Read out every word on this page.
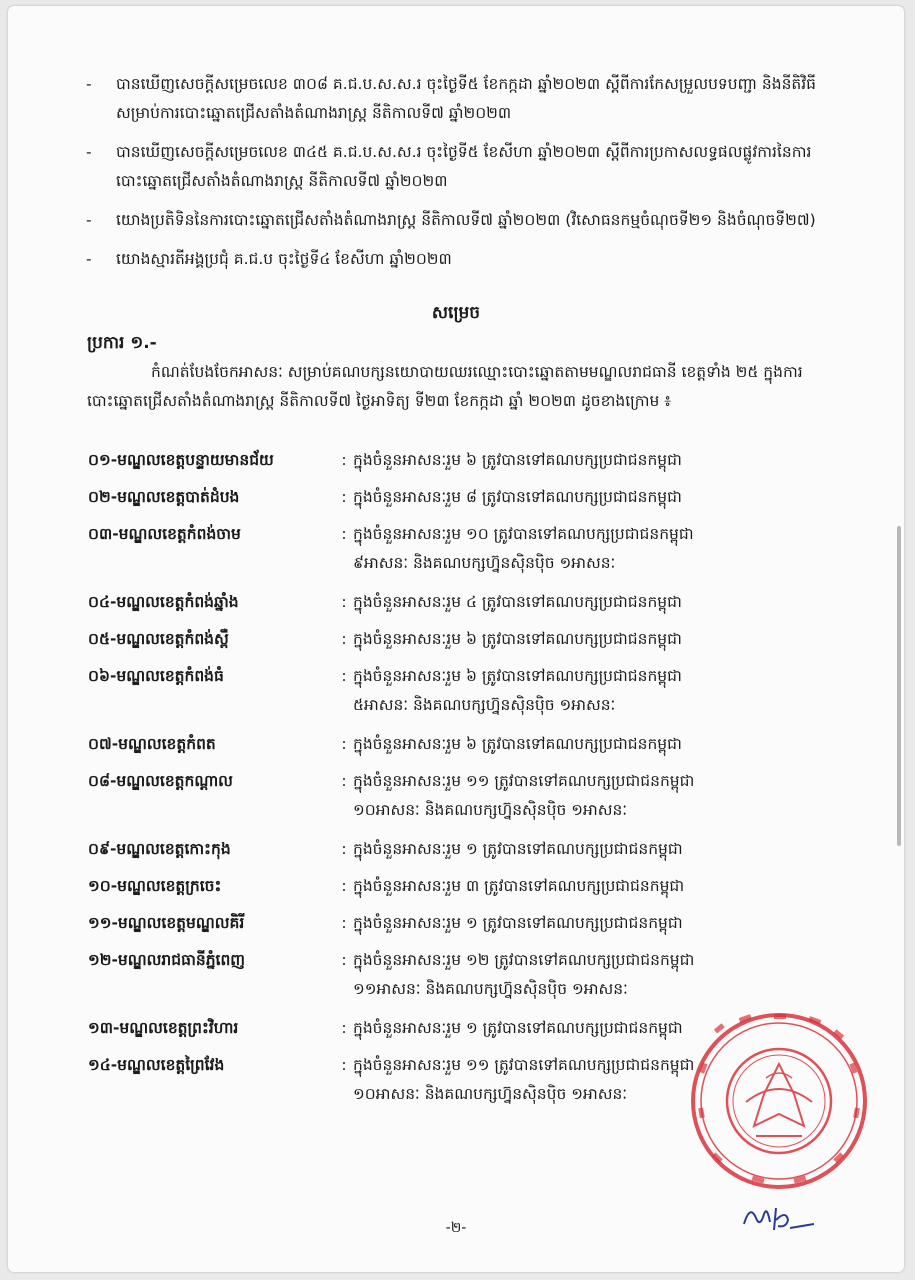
- បានឃើញសេចក្ដីសម្រេចលេខ ៣០៨ គ.ជ.ប.ស.ស.រ ចុះថ្ងៃទី៥ ខែកក្កដា ឆ្នាំ២០២៣ ស្ដីពីការកែសម្រួលបទបញ្ជា និងនីតិវិធីសម្រាប់ការបោះឆ្នោតជ្រើសតាំងតំណាងរាស្ត្រ នីតិកាលទី៧ ឆ្នាំ២០២៣
- បានឃើញសេចក្ដីសម្រេចលេខ ៣៤៥ គ.ជ.ប.ស.ស.រ ចុះថ្ងៃទី៥ ខែសីហា ឆ្នាំ២០២៣ ស្ដីពីការប្រកាសលទ្ធផលផ្លូវការនៃការបោះឆ្នោតជ្រើសតាំងតំណាងរាស្ត្រ នីតិកាលទី៧ ឆ្នាំ២០២៣
- យោងប្រតិទិននៃការបោះឆ្នោតជ្រើសតាំងតំណាងរាស្ត្រ នីតិកាលទី៧ ឆ្នាំ២០២៣ (វិសោធនកម្មចំណុចទី២១ និងចំណុចទី២៧)
- យោងស្មារតីអង្គប្រជុំ គ.ជ.ប ចុះថ្ងៃទី៤ ខែសីហា ឆ្នាំ២០២៣
សម្រេច
ប្រការ ១.-
កំណត់បែងចែកអាសនៈ សម្រាប់គណបក្សនយោបាយឈរឈ្មោះបោះឆ្នោតតាមមណ្ឌលរាជធានី ខេត្តទាំង ២៥ ក្នុងការបោះឆ្នោតជ្រើសតាំងតំណាងរាស្ត្រ នីតិកាលទី៧ ថ្ងៃអាទិត្យ ទី២៣ ខែកក្កដា ឆ្នាំ ២០២៣ ដូចខាងក្រោម ៖
០១-មណ្ឌលខេត្តបន្ទាយមានជ័យ	: ក្នុងចំនួនអាសនៈរួម ៦ ត្រូវបានទៅគណបក្សប្រជាជនកម្ពុជា
០២-មណ្ឌលខេត្តបាត់ដំបង	: ក្នុងចំនួនអាសនៈរួម ៨ ត្រូវបានទៅគណបក្សប្រជាជនកម្ពុជា
០៣-មណ្ឌលខេត្តកំពង់ចាម	: ក្នុងចំនួនអាសនៈរួម ១០ ត្រូវបានទៅគណបក្សប្រជាជនកម្ពុជា
៩អាសនៈ និងគណបក្សហ្វ៊ុនស៊ិនប៉ិច ១អាសនៈ
០៤-មណ្ឌលខេត្តកំពង់ឆ្នាំង	: ក្នុងចំនួនអាសនៈរួម ៤ ត្រូវបានទៅគណបក្សប្រជាជនកម្ពុជា
០៥-មណ្ឌលខេត្តកំពង់ស្ពឺ	: ក្នុងចំនួនអាសនៈរួម ៦ ត្រូវបានទៅគណបក្សប្រជាជនកម្ពុជា
០៦-មណ្ឌលខេត្តកំពង់ធំ	: ក្នុងចំនួនអាសនៈរួម ៦ ត្រូវបានទៅគណបក្សប្រជាជនកម្ពុជា
៥អាសនៈ និងគណបក្សហ្វ៊ុនស៊ិនប៉ិច ១អាសនៈ
០៧-មណ្ឌលខេត្តកំពត	: ក្នុងចំនួនអាសនៈរួម ៦ ត្រូវបានទៅគណបក្សប្រជាជនកម្ពុជា
០៨-មណ្ឌលខេត្តកណ្ដាល	: ក្នុងចំនួនអាសនៈរួម ១១ ត្រូវបានទៅគណបក្សប្រជាជនកម្ពុជា
១០អាសនៈ និងគណបក្សហ្វ៊ុនស៊ិនប៉ិច ១អាសនៈ
០៩-មណ្ឌលខេត្តកោះកុង	: ក្នុងចំនួនអាសនៈរួម ១ ត្រូវបានទៅគណបក្សប្រជាជនកម្ពុជា
១០-មណ្ឌលខេត្តក្រចេះ	: ក្នុងចំនួនអាសនៈរួម ៣ ត្រូវបានទៅគណបក្សប្រជាជនកម្ពុជា
១១-មណ្ឌលខេត្តមណ្ឌលគិរី	: ក្នុងចំនួនអាសនៈរួម ១ ត្រូវបានទៅគណបក្សប្រជាជនកម្ពុជា
១២-មណ្ឌលរាជធានីភ្នំពេញ	: ក្នុងចំនួនអាសនៈរួម ១២ ត្រូវបានទៅគណបក្សប្រជាជនកម្ពុជា
១១អាសនៈ និងគណបក្សហ្វ៊ុនស៊ិនប៉ិច ១អាសនៈ
១៣-មណ្ឌលខេត្តព្រះវិហារ	: ក្នុងចំនួនអាសនៈរួម ១ ត្រូវបានទៅគណបក្សប្រជាជនកម្ពុជា
១៤-មណ្ឌលខេត្តព្រៃវែង	: ក្នុងចំនួនអាសនៈរួម ១១ ត្រូវបានទៅគណបក្សប្រជាជនកម្ពុជា
១០អាសនៈ និងគណបក្សហ្វ៊ុនស៊ិនប៉ិច ១អាសនៈ
-២-
